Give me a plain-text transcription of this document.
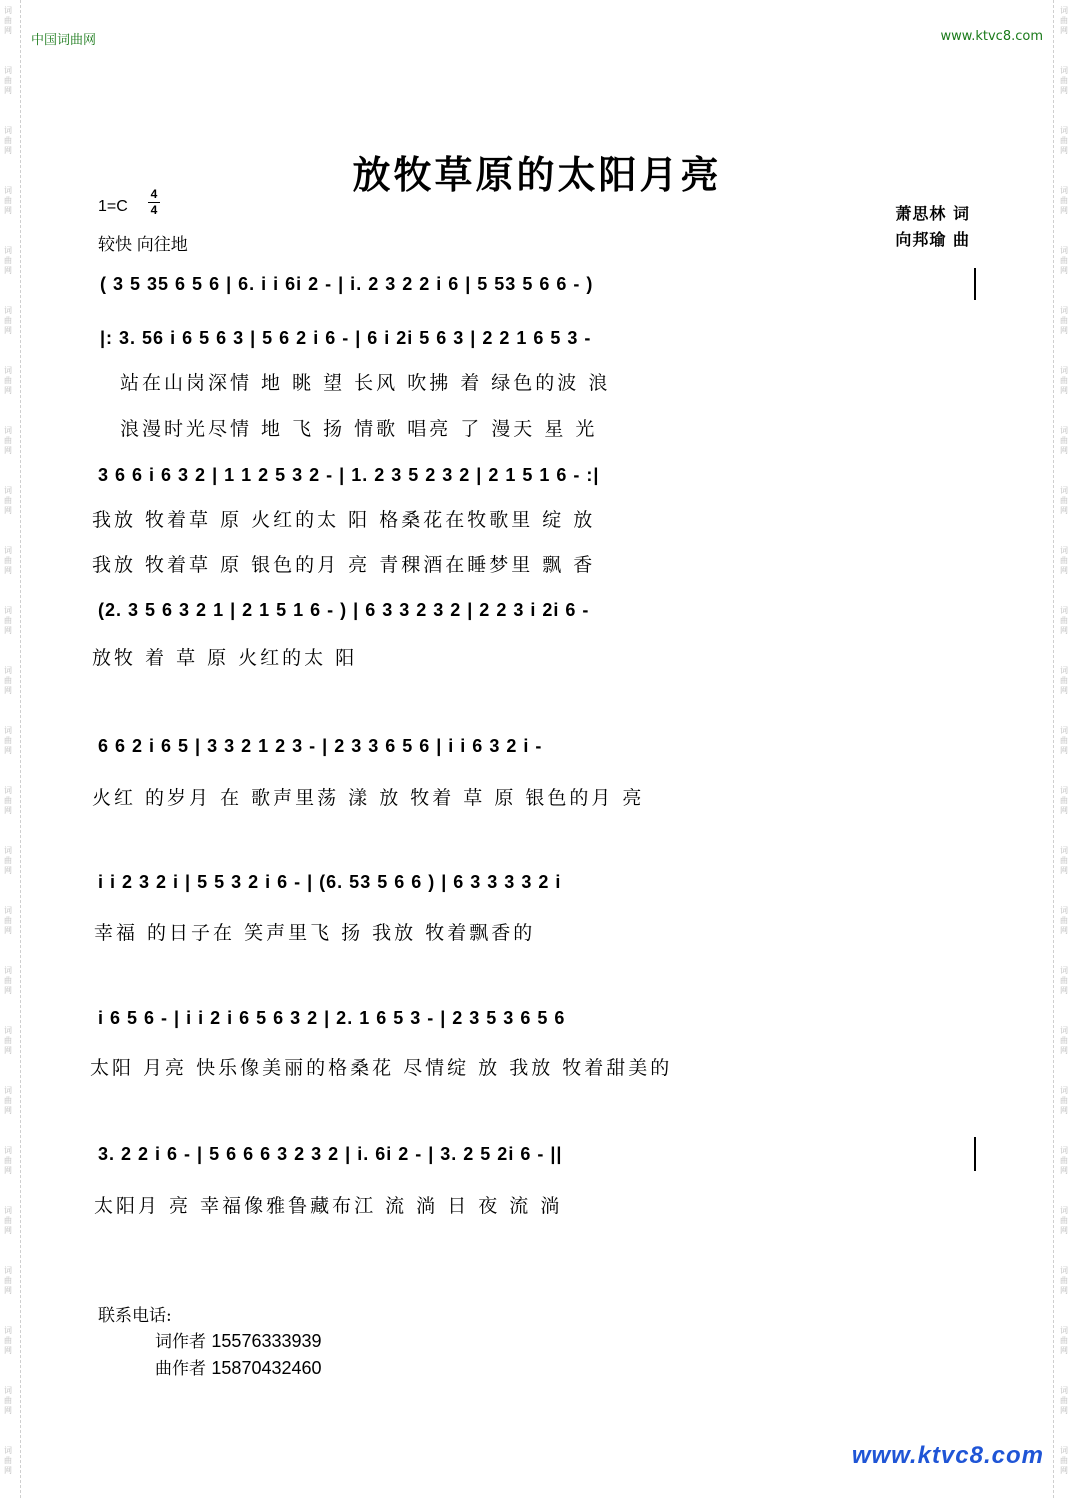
词曲网
词曲网
词曲网
词曲网
词曲网
词曲网
词曲网
词曲网
词曲网
词曲网
词曲网
词曲网
词曲网
词曲网
词曲网
词曲网
词曲网
词曲网
词曲网
词曲网
词曲网
词曲网
词曲网
词曲网
词曲网
词曲网
词曲网
词曲网
词曲网
词曲网
词曲网
词曲网
词曲网
词曲网
词曲网
词曲网
词曲网
词曲网
词曲网
词曲网
词曲网
词曲网
词曲网
词曲网
词曲网
词曲网
词曲网
词曲网
词曲网
词曲网
中国词曲网	www.ktvc8.com
放牧草原的太阳月亮
1=C
4
4
较快 向往地
萧思林 词
向邦瑜 曲
( 3 5 35 6 5 6 | 6. i i 6i 2 - | i. 2 3 2 2 i 6 | 5 53 5 6 6 - )
|: 3. 56 i 6 5 6 3 | 5 6 2 i 6 - | 6 i 2i 5 6 3 | 2 2 1 6 5 3 -
站在山岗深情 地 眺 望 长风 吹拂 着 绿色的波 浪
浪漫时光尽情 地 飞 扬 情歌 唱亮 了 漫天 星 光
3 6 6 i 6 3 2 | 1 1 2 5 3 2 - | 1. 2 3 5 2 3 2 | 2 1 5 1 6 - :|
我放 牧着草 原 火红的太 阳 格桑花在牧歌里 绽 放
我放 牧着草 原 银色的月 亮 青稞酒在睡梦里 飘 香
(2. 3 5 6 3 2 1 | 2 1 5 1 6 - ) | 6 3 3 2 3 2 | 2 2 3 i 2i 6 -
放牧 着 草 原 火红的太 阳
6 6 2 i 6 5 | 3 3 2 1 2 3 - | 2 3 3 6 5 6 | i i 6 3 2 i -
火红 的岁月 在 歌声里荡 漾 放 牧着 草 原 银色的月 亮
i i 2 3 2 i | 5 5 3 2 i 6 - | (6. 53 5 6 6 ) | 6 3 3 3 3 2 i
幸福 的日子在 笑声里飞 扬 我放 牧着飘香的
i 6 5 6 - | i i 2 i 6 5 6 3 2 | 2. 1 6 5 3 - | 2 3 5 3 6 5 6
太阳 月亮 快乐像美丽的格桑花 尽情绽 放 我放 牧着甜美的
3. 2 2 i 6 - | 5 6 6 6 3 2 3 2 | i. 6i 2 - | 3. 2 5 2i 6 - ||
太阳月 亮 幸福像雅鲁藏布江 流 淌 日 夜 流 淌
联系电话:
词作者 15576333939
曲作者 15870432460
www.ktvc8.com
